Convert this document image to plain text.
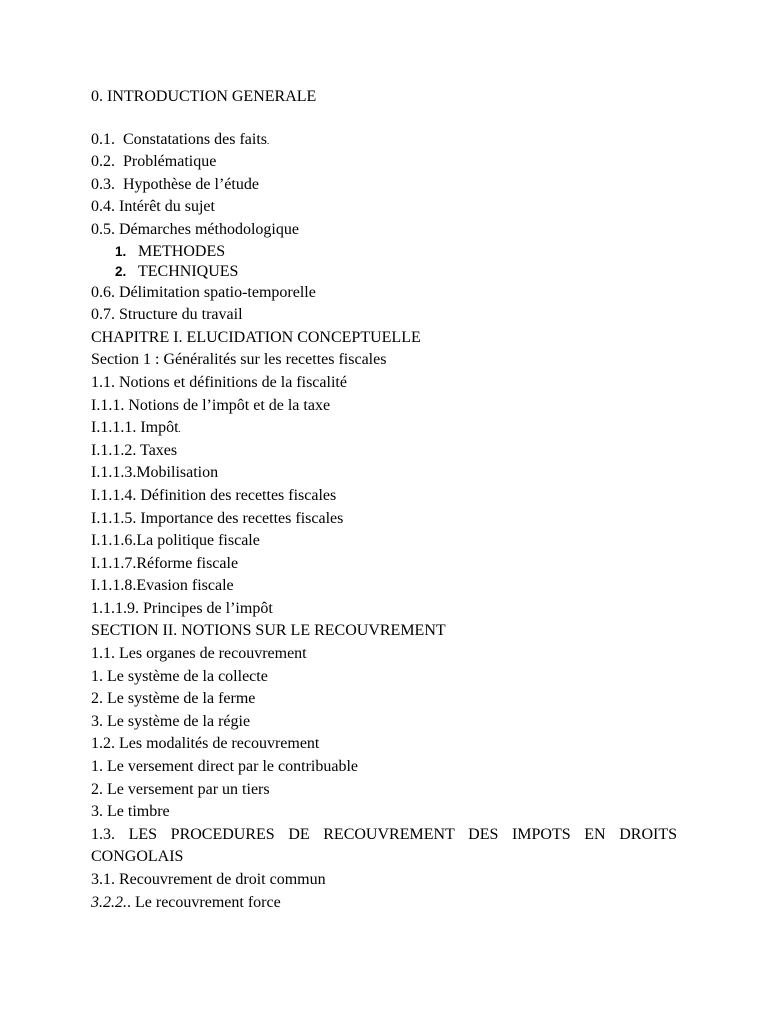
0. INTRODUCTION GENERALE
0.1. Constatations des faits.
0.2. Problématique
0.3. Hypothèse de l’étude
0.4. Intérêt du sujet
0.5. Démarches méthodologique
1. METHODES
2. TECHNIQUES
0.6. Délimitation spatio-temporelle
0.7. Structure du travail
CHAPITRE I. ELUCIDATION CONCEPTUELLE
Section 1 : Généralités sur les recettes fiscales
1.1. Notions et définitions de la fiscalité
I.1.1. Notions de l’impôt et de la taxe
I.1.1.1. Impôt.
I.1.1.2. Taxes
I.1.1.3.Mobilisation
I.1.1.4. Définition des recettes fiscales
I.1.1.5. Importance des recettes fiscales
I.1.1.6.La politique fiscale
I.1.1.7.Réforme fiscale
I.1.1.8.Evasion fiscale
1.1.1.9. Principes de l’impôt
SECTION II. NOTIONS SUR LE RECOUVREMENT
1.1. Les organes de recouvrement
1. Le système de la collecte
2. Le système de la ferme
3. Le système de la régie
1.2. Les modalités de recouvrement
1. Le versement direct par le contribuable
2. Le versement par un tiers
3. Le timbre
1.3. LES PROCEDURES DE RECOUVREMENT DES IMPOTS EN DROITS
CONGOLAIS
3.1. Recouvrement de droit commun
3.2.2.. Le recouvrement force
